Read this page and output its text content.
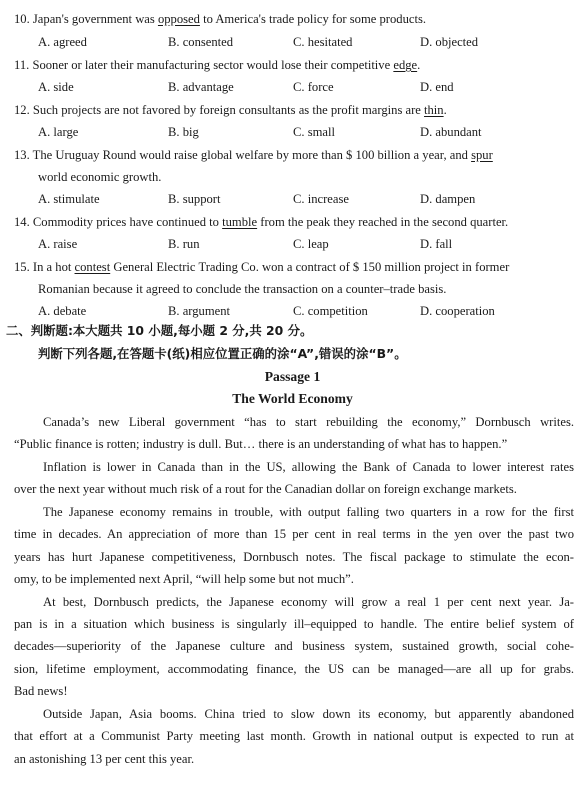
10. Japan's government was opposed to America's trade policy for some products.
A. agreed	B. consented	C. hesitated	D. objected
11. Sooner or later their manufacturing sector would lose their competitive edge.
A. side	B. advantage	C. force	D. end
12. Such projects are not favored by foreign consultants as the profit margins are thin.
A. large	B. big	C. small	D. abundant
13. The Uruguay Round would raise global welfare by more than $ 100 billion a year, and spur
world economic growth.
A. stimulate	B. support	C. increase	D. dampen
14. Commodity prices have continued to tumble from the peak they reached in the second quarter.
A. raise	B. run	C. leap	D. fall
15. In a hot contest General Electric Trading Co. won a contract of $ 150 million project in former
Romanian because it agreed to conclude the transaction on a counter–trade basis.
A. debate	B. argument	C. competition	D. cooperation
二、判断题:本大题共 10 小题,每小题 2 分,共 20 分。
判断下列各题,在答题卡(纸)相应位置正确的涂“A”,错误的涂“B”。
Passage 1
The World Economy
Canada’s new Liberal government “has to start rebuilding the economy,” Dornbusch writes.
“Public finance is rotten; industry is dull. But… there is an understanding of what has to happen.”
Inflation is lower in Canada than in the US, allowing the Bank of Canada to lower interest rates
over the next year without much risk of a rout for the Canadian dollar on foreign exchange markets.
The Japanese economy remains in trouble, with output falling two quarters in a row for the first
time in decades. An appreciation of more than 15 per cent in real terms in the yen over the past two
years has hurt Japanese competitiveness, Dornbusch notes. The fiscal package to stimulate the econ-
omy, to be implemented next April, “will help some but not much”.
At best, Dornbusch predicts, the Japanese economy will grow a real 1 per cent next year. Ja-
pan is in a situation which business is singularly ill–equipped to handle. The entire belief system of
decades—superiority of the Japanese culture and business system, sustained growth, social cohe-
sion, lifetime employment, accommodating finance, the US can be managed—are all up for grabs.
Bad news!
Outside Japan, Asia booms. China tried to slow down its economy, but apparently abandoned
that effort at a Communist Party meeting last month. Growth in national output is expected to run at
an astonishing 13 per cent this year.
